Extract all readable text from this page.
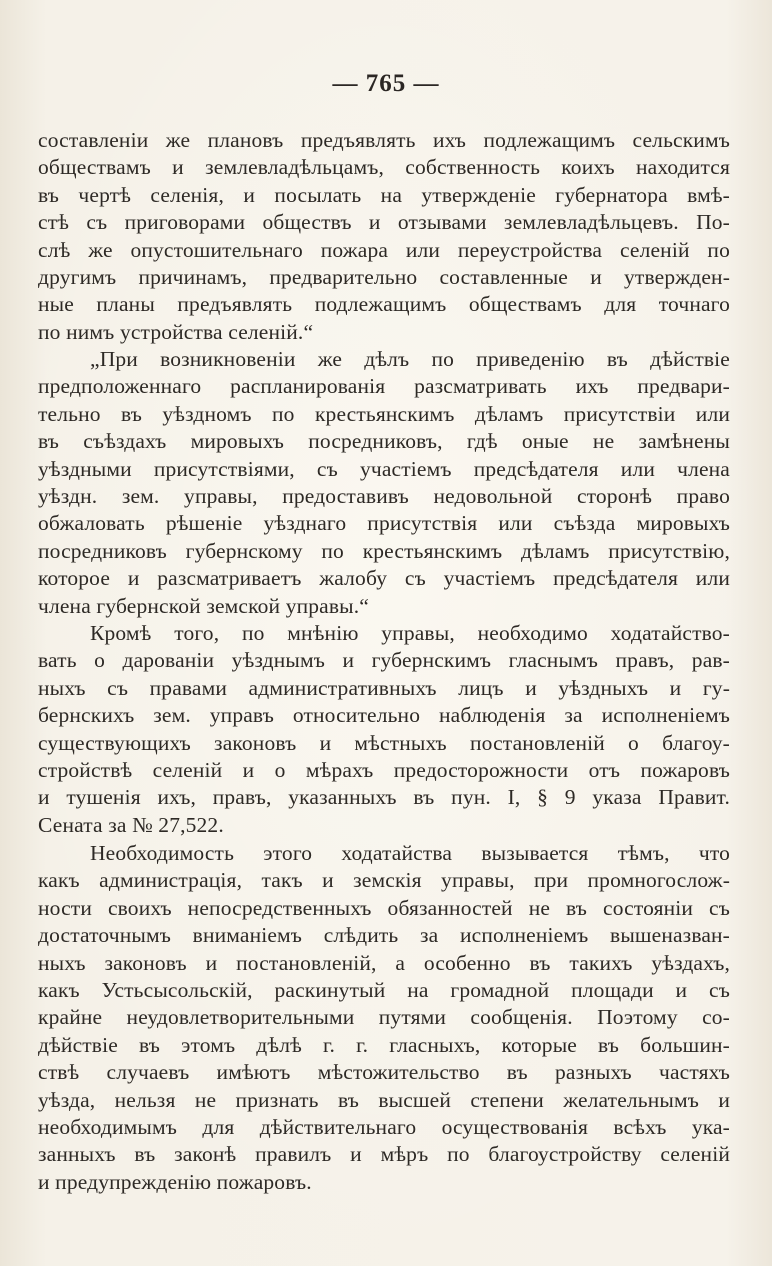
— 765 —
составленіи же плановъ предъявлять ихъ подлежащимъ сельскимъ
обществамъ и землевладѣльцамъ, собственность коихъ находится
въ чертѣ селенія, и посылать на утвержденіе губернатора вмѣ-
стѣ съ приговорами обществъ и отзывами землевладѣльцевъ. По-
слѣ же опустошительнаго пожара или переустройства селеній по
другимъ причинамъ, предварительно составленные и утвержден-
ные планы предъявлять подлежащимъ обществамъ для точнаго
по нимъ устройства селеній.“
„При возникновеніи же дѣлъ по приведенію въ дѣйствіе
предположеннаго распланированія разсматривать ихъ предвари-
тельно въ уѣздномъ по крестьянскимъ дѣламъ присутствіи или
въ съѣздахъ мировыхъ посредниковъ, гдѣ оные не замѣнены
уѣздными присутствіями, съ участіемъ предсѣдателя или члена
уѣздн. зем. управы, предоставивъ недовольной сторонѣ право
обжаловать рѣшеніе уѣзднаго присутствія или съѣзда мировыхъ
посредниковъ губернскому по крестьянскимъ дѣламъ присутствію,
которое и разсматриваетъ жалобу съ участіемъ предсѣдателя или
члена губернской земской управы.“
Кромѣ того, по мнѣнію управы, необходимо ходатайство-
вать о дарованіи уѣзднымъ и губернскимъ гласнымъ правъ, рав-
ныхъ съ правами административныхъ лицъ и уѣздныхъ и гу-
бернскихъ зем. управъ относительно наблюденія за исполненіемъ
существующихъ законовъ и мѣстныхъ постановленій о благоу-
стройствѣ селеній и о мѣрахъ предосторожности отъ пожаровъ
и тушенія ихъ, правъ, указанныхъ въ пун. I, § 9 указа Правит.
Сената за № 27,522.
Необходимость этого ходатайства вызывается тѣмъ, что
какъ администрація, такъ и земскія управы, при промногослож-
ности своихъ непосредственныхъ обязанностей не въ состояніи съ
достаточнымъ вниманіемъ слѣдить за исполненіемъ вышеназван-
ныхъ законовъ и постановленій, а особенно въ такихъ уѣздахъ,
какъ Устьсысольскій, раскинутый на громадной площади и съ
крайне неудовлетворительными путями сообщенія. Поэтому со-
дѣйствіе въ этомъ дѣлѣ г. г. гласныхъ, которые въ большин-
ствѣ случаевъ имѣютъ мѣстожительство въ разныхъ частяхъ
уѣзда, нельзя не признать въ высшей степени желательнымъ и
необходимымъ для дѣйствительнаго осуществованія всѣхъ ука-
занныхъ въ законѣ правилъ и мѣръ по благоустройству селеній
и предупрежденію пожаровъ.
